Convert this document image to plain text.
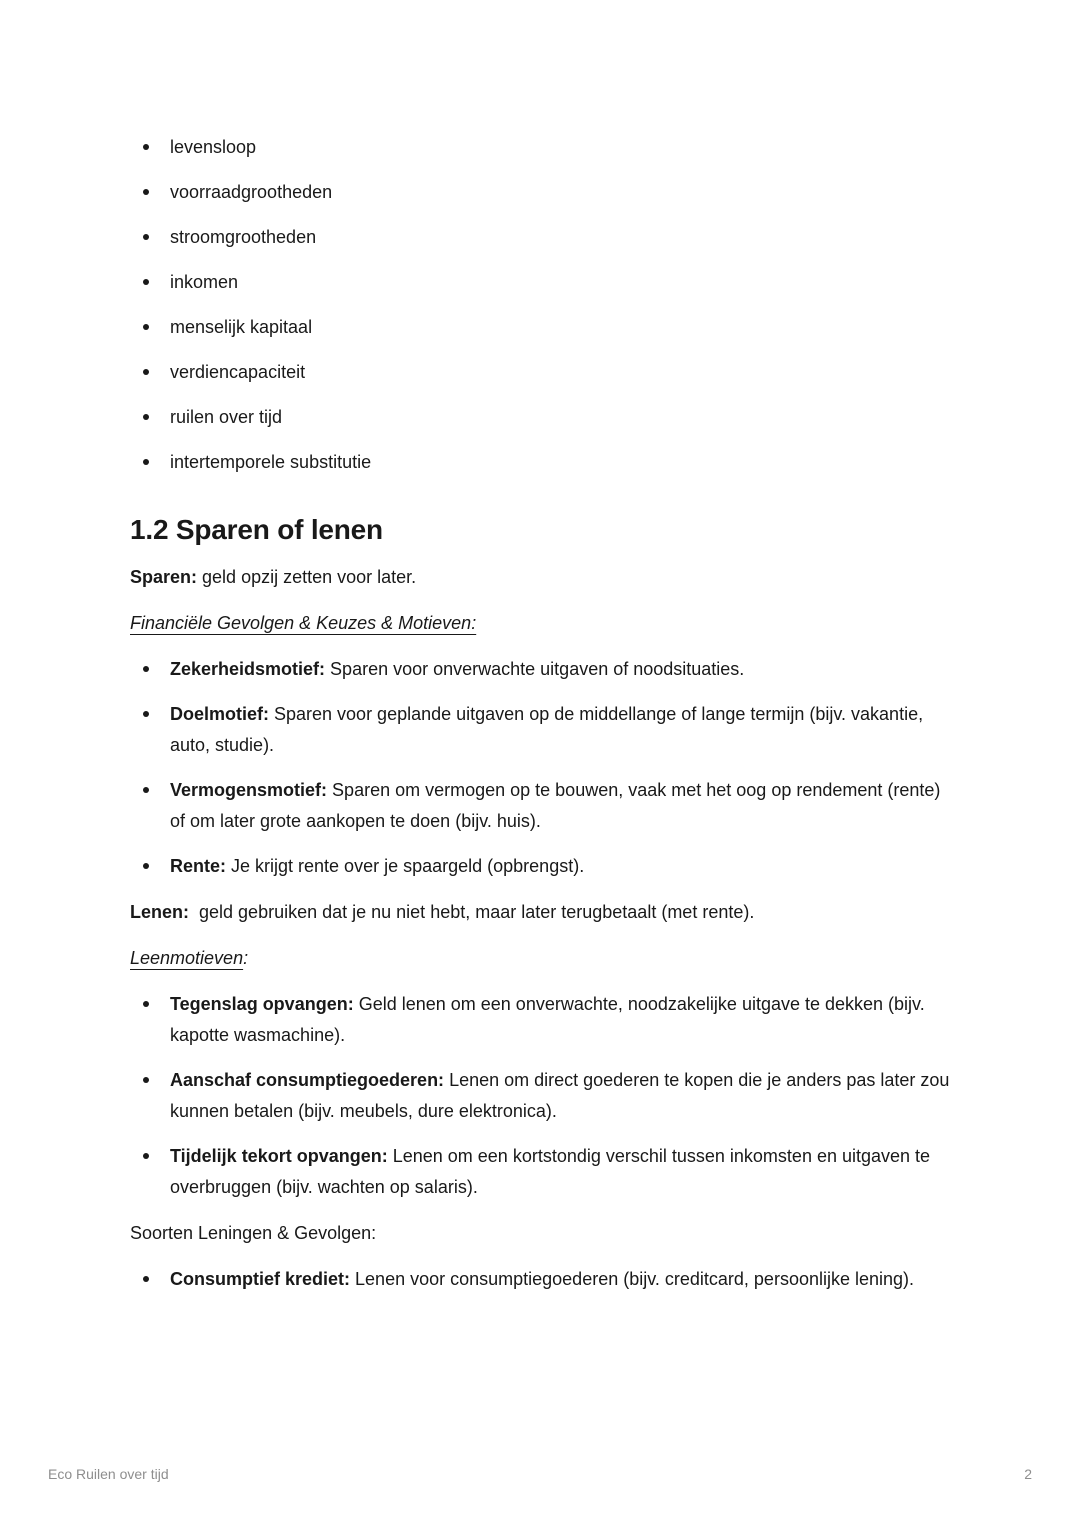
levensloop
voorraadgrootheden
stroomgrootheden
inkomen
menselijk kapitaal
verdiencapaciteit
ruilen over tijd
intertemporele substitutie
1.2 Sparen of lenen

Sparen: geld opzij zetten voor later.

Financiële Gevolgen & Keuzes & Motieven:

Zekerheidsmotief: Sparen voor onverwachte uitgaven of noodsituaties.
Doelmotief: Sparen voor geplande uitgaven op de middellange of lange termijn (bijv. vakantie, auto, studie).
Vermogensmotief: Sparen om vermogen op te bouwen, vaak met het oog op rendement (rente) of om later grote aankopen te doen (bijv. huis).
Rente: Je krijgt rente over je spaargeld (opbrengst).

Lenen:  geld gebruiken dat je nu niet hebt, maar later terugbetaalt (met rente).

Leenmotieven:

Tegenslag opvangen: Geld lenen om een onverwachte, noodzakelijke uitgave te dekken (bijv. kapotte wasmachine).
Aanschaf consumptiegoederen: Lenen om direct goederen te kopen die je anders pas later zou kunnen betalen (bijv. meubels, dure elektronica).
Tijdelijk tekort opvangen: Lenen om een kortstondig verschil tussen inkomsten en uitgaven te overbruggen (bijv. wachten op salaris).

Soorten Leningen & Gevolgen:

Consumptief krediet: Lenen voor consumptiegoederen (bijv. creditcard, persoonlijke lening).
Eco Ruilen over tijd	2
